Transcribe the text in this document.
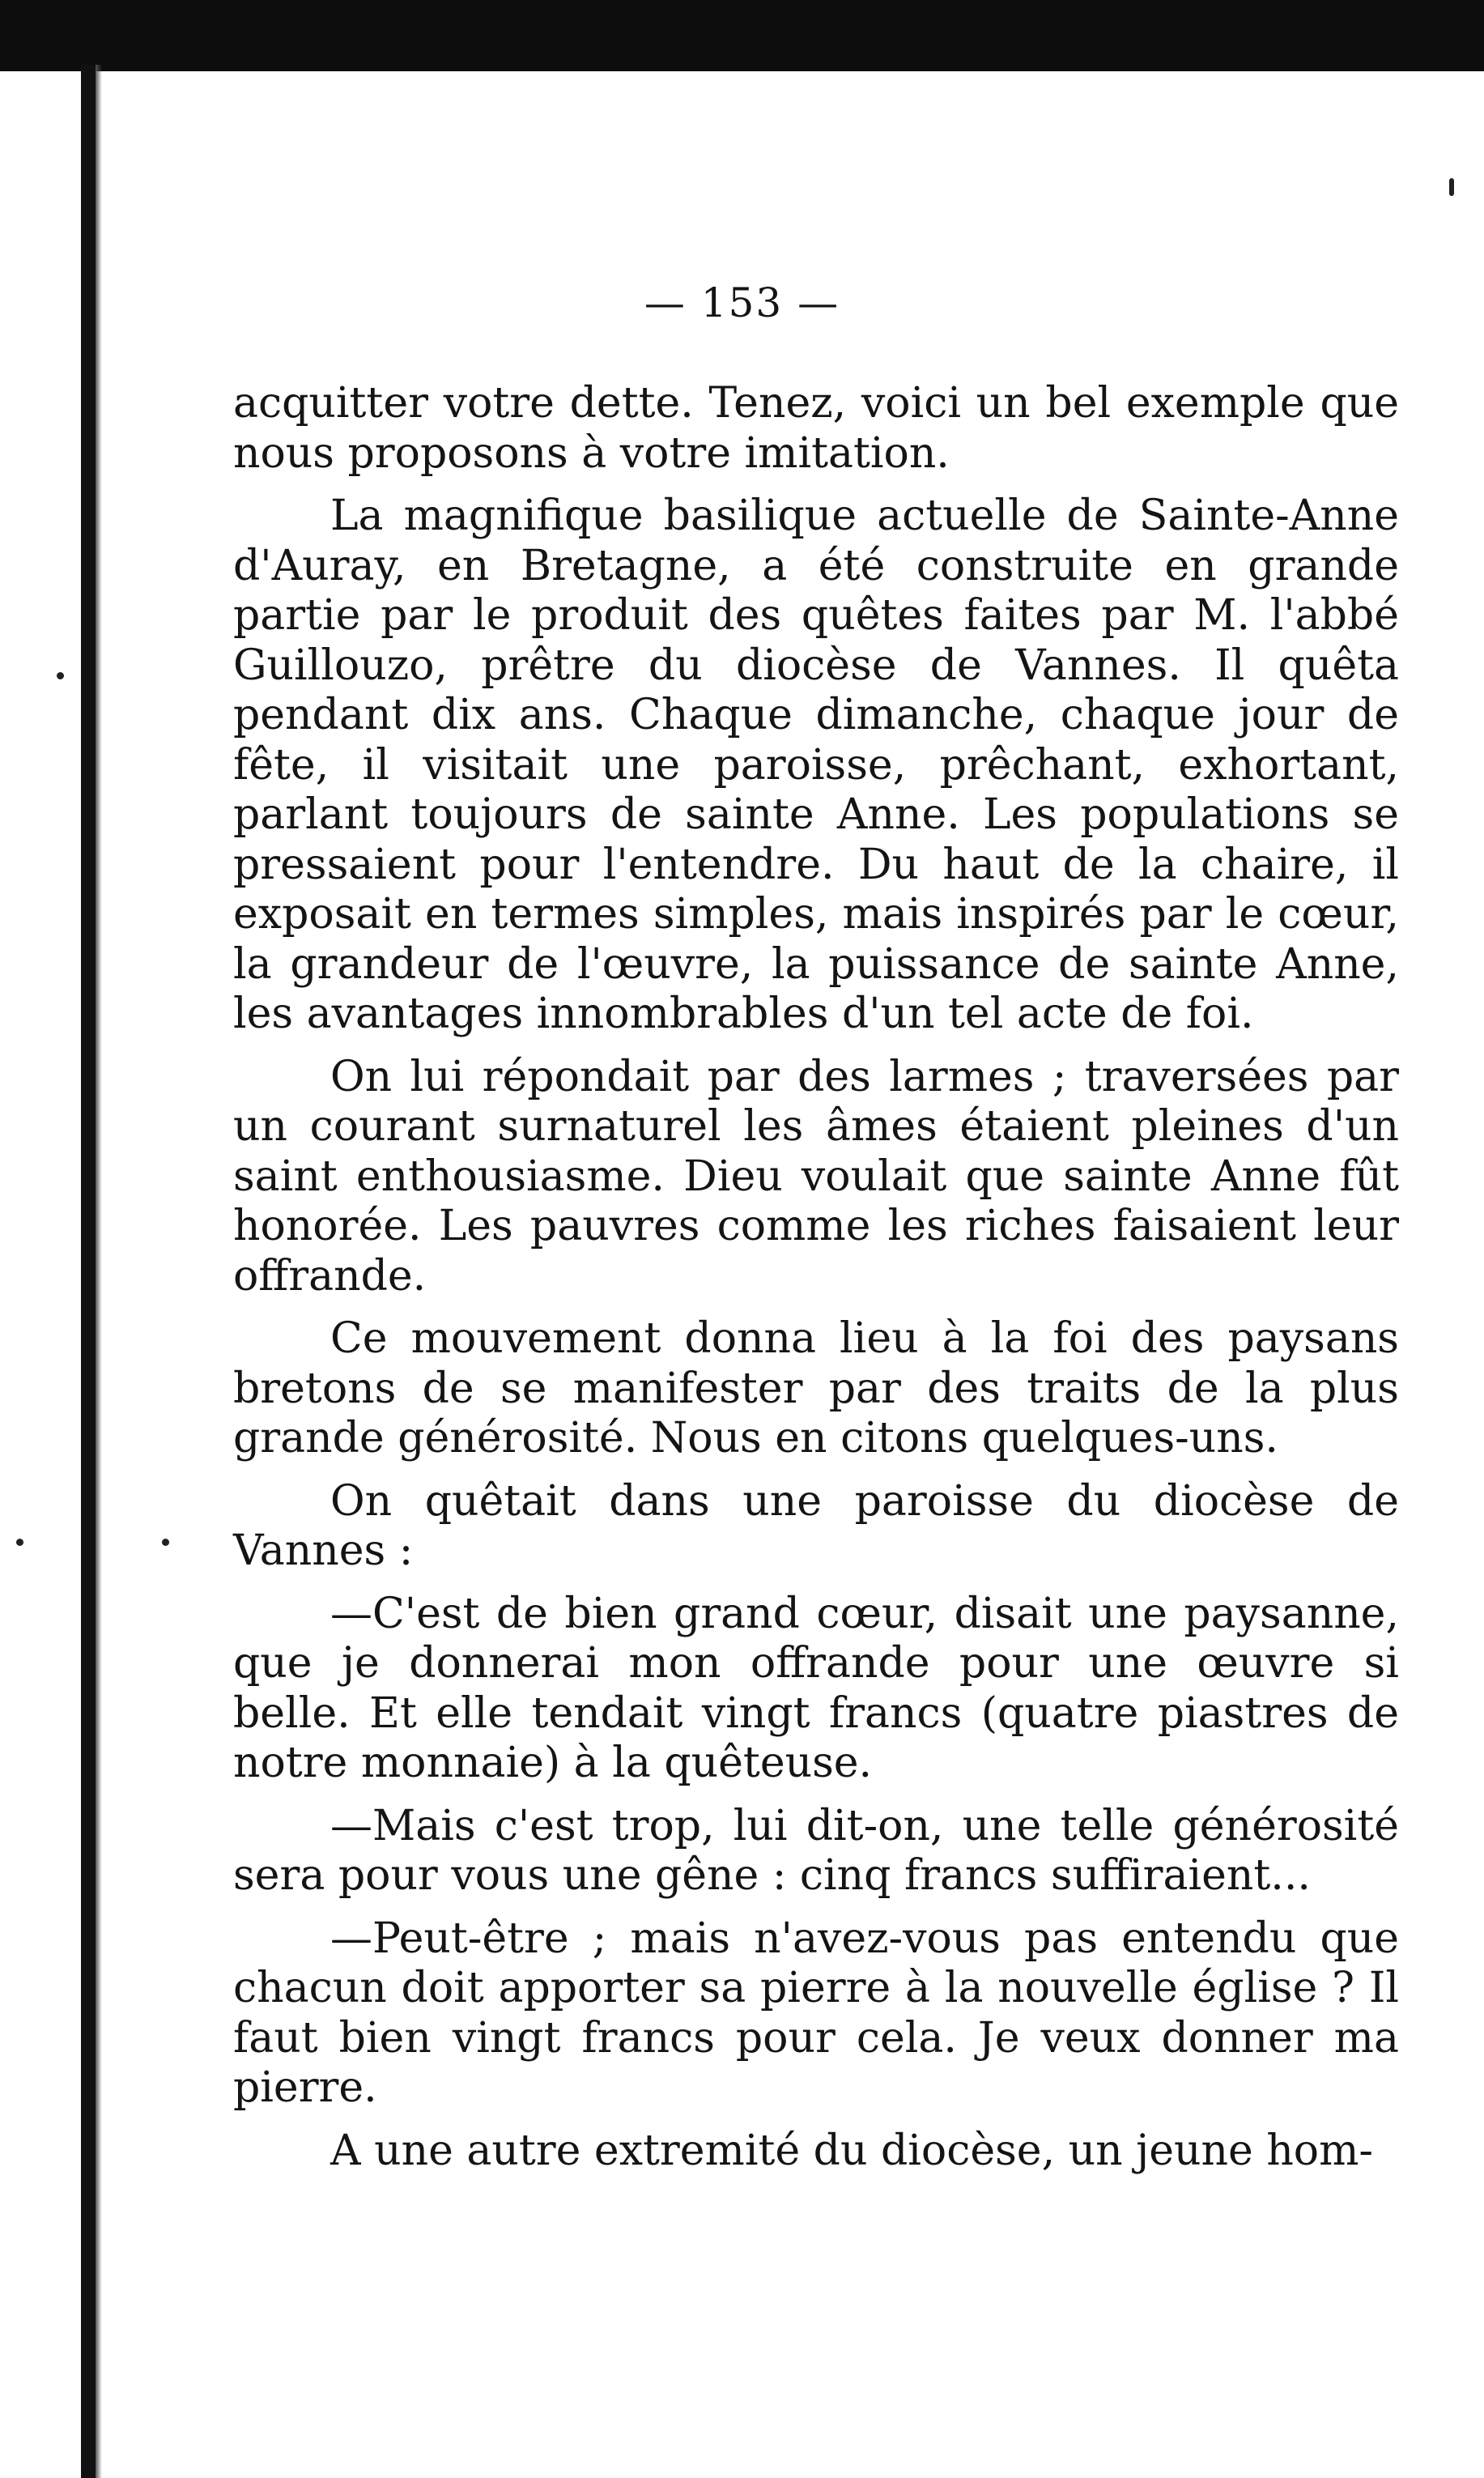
— 153 —

acquitter votre dette. Tenez, voici un bel exemple que nous proposons à votre imitation.

La magnifique basilique actuelle de Sainte-Anne d'Auray, en Bretagne, a été construite en grande partie par le produit des quêtes faites par M. l'abbé Guillouzo, prêtre du diocèse de Vannes. Il quêta pendant dix ans. Chaque dimanche, chaque jour de fête, il visitait une paroisse, prêchant, exhortant, parlant toujours de sainte Anne. Les populations se pressaient pour l'entendre. Du haut de la chaire, il exposait en termes simples, mais inspirés par le cœur, la grandeur de l'œuvre, la puissance de sainte Anne, les avantages innombrables d'un tel acte de foi.

On lui répondait par des larmes ; traversées par un courant surnaturel les âmes étaient pleines d'un saint enthousiasme. Dieu voulait que sainte Anne fût honorée. Les pauvres comme les riches faisaient leur offrande.

Ce mouvement donna lieu à la foi des paysans bretons de se manifester par des traits de la plus grande générosité. Nous en citons quelques-uns.

On quêtait dans une paroisse du diocèse de Vannes :

—C'est de bien grand cœur, disait une paysanne, que je donnerai mon offrande pour une œuvre si belle. Et elle tendait vingt francs (quatre piastres de notre monnaie) à la quêteuse.

—Mais c'est trop, lui dit-on, une telle générosité sera pour vous une gêne : cinq francs suffiraient...

—Peut-être ; mais n'avez-vous pas entendu que chacun doit apporter sa pierre à la nouvelle église ? Il faut bien vingt francs pour cela. Je veux donner ma pierre.

A une autre extremité du diocèse, un jeune hom-
